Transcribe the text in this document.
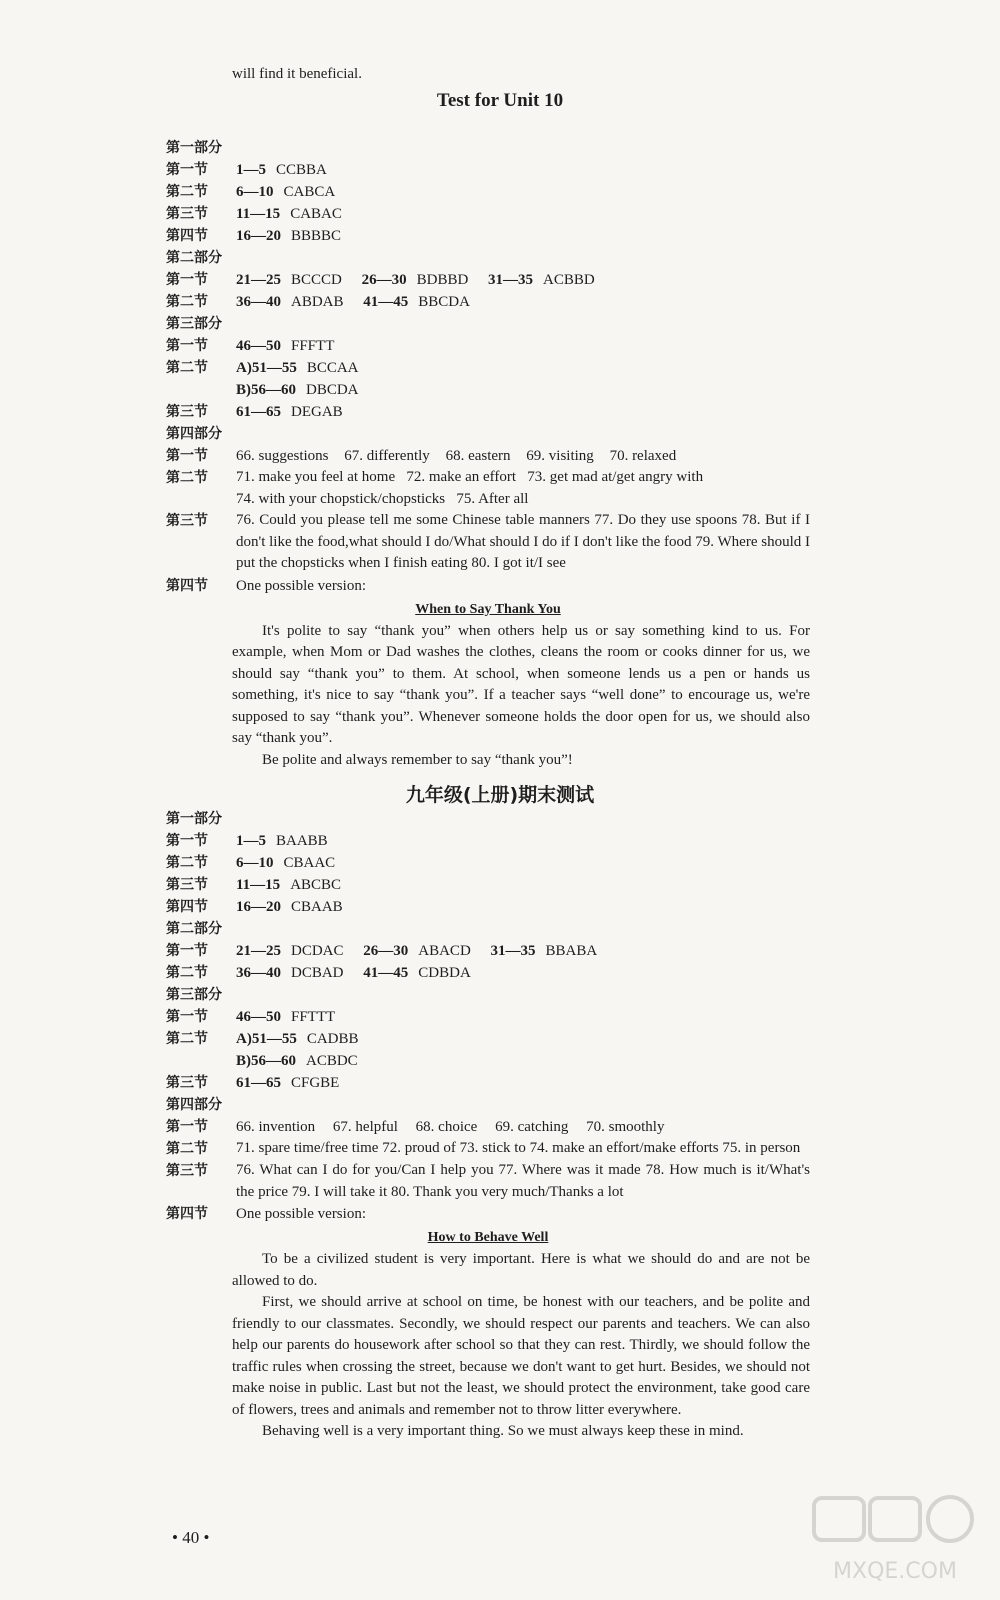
will find it beneficial.
Test for Unit 10
第一部分
第一节	1—5 CCBBA
第二节	6—10 CABCA
第三节	11—15 CABAC
第四节	16—20 BBBBC
第二部分
第一节	21—25 BCCCD 26—30 BDBBD 31—35 ACBBD
第二节	36—40 ABDAB 41—45 BBCDA
第三部分
第一节	46—50 FFFTT
第二节	A)51—55 BCCAA
B)56—60 DBCDA
第三节	61—65 DEGAB
第四部分
第一节	66. suggestions 67. differently 68. eastern 69. visiting 70. relaxed
第二节	71. make you feel at home   72. make an effort   73. get mad at/get angry with
74. with your chopstick/chopsticks   75. After all
第三节	76. Could you please tell me some Chinese table manners 77. Do they use spoons 78. But if I don't like the food,what should I do/What should I do if I don't like the food 79. Where should I put the chopsticks when I finish eating 80. I got it/I see
第四节	One possible version:
When to Say Thank You
It's polite to say “thank you” when others help us or say something kind to us. For example, when Mom or Dad washes the clothes, cleans the room or cooks dinner for us, we should say “thank you” to them. At school, when someone lends us a pen or hands us something, it's nice to say “thank you”. If a teacher says “well done” to encourage us, we're supposed to say “thank you”. Whenever someone holds the door open for us, we should also say “thank you”.
Be polite and always remember to say “thank you”!
九年级(上册)期末测试
第一部分
第一节	1—5 BAABB
第二节	6—10 CBAAC
第三节	11—15 ABCBC
第四节	16—20 CBAAB
第二部分
第一节	21—25 DCDAC 26—30 ABACD 31—35 BBABA
第二节	36—40 DCBAD 41—45 CDBDA
第三部分
第一节	46—50 FFTTT
第二节	A)51—55 CADBB
B)56—60 ACBDC
第三节	61—65 CFGBE
第四部分
第一节	66. invention 67. helpful 68. choice 69. catching 70. smoothly
第二节	71. spare time/free time 72. proud of 73. stick to 74. make an effort/make efforts 75. in person
第三节	76. What can I do for you/Can I help you 77. Where was it made 78. How much is it/What's the price 79. I will take it 80. Thank you very much/Thanks a lot
第四节	One possible version:
How to Behave Well
To be a civilized student is very important. Here is what we should do and are not be allowed to do.
First, we should arrive at school on time, be honest with our teachers, and be polite and friendly to our classmates. Secondly, we should respect our parents and teachers. We can also help our parents do housework after school so that they can rest. Thirdly, we should follow the traffic rules when crossing the street, because we don't want to get hurt. Besides, we should not make noise in public. Last but not the least, we should protect the environment, take good care of flowers, trees and animals and remember not to throw litter everywhere.
Behaving well is a very important thing. So we must always keep these in mind.
• 40 •
MXQE.COM
